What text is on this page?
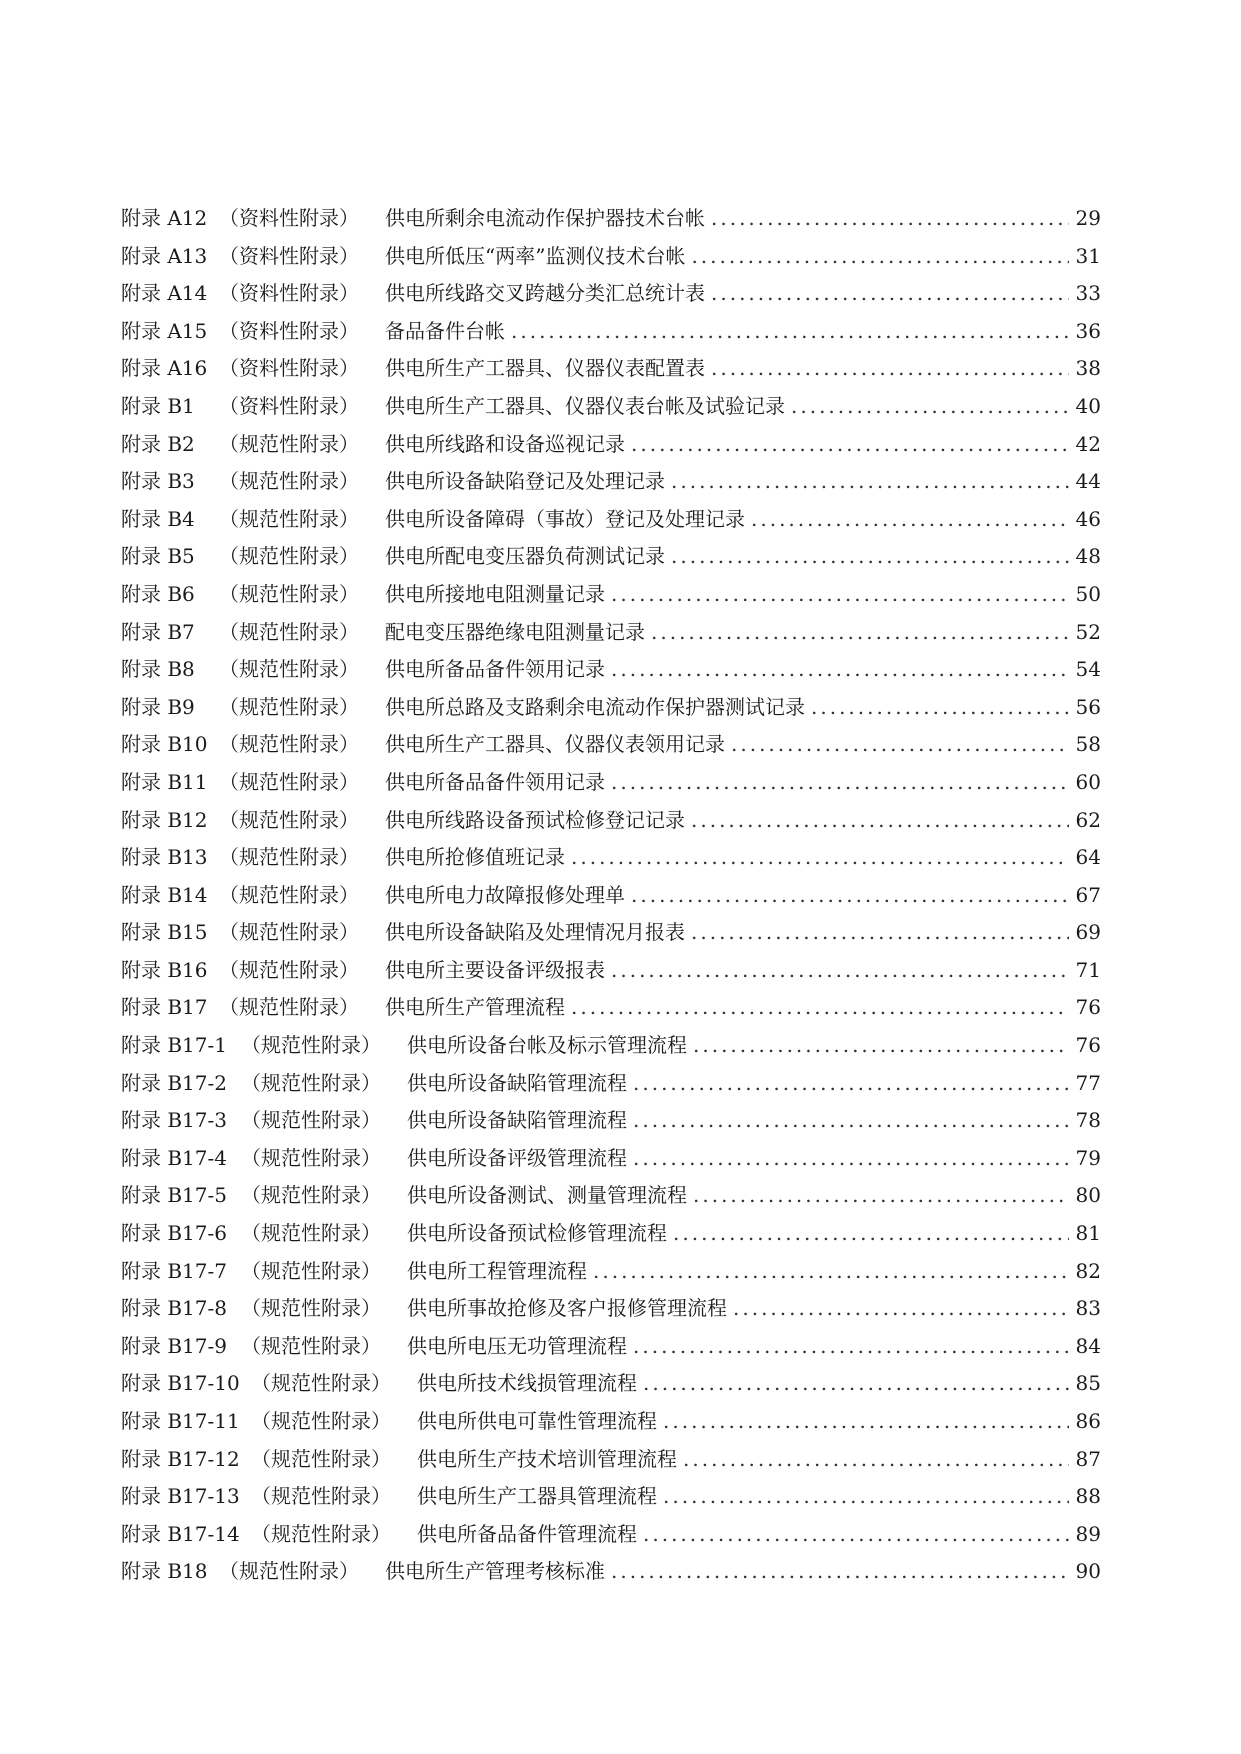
附录 A12 （资料性附录）	供电所剩余电流动作保护器技术台帐 .....	29
附录 A13 （资料性附录）	供电所低压“两率”监测仪技术台帐 .....	31
附录 A14 （资料性附录）	供电所线路交叉跨越分类汇总统计表 .....	33
附录 A15 （资料性附录）	备品备件台帐 .....	36
附录 A16 （资料性附录）	供电所生产工器具、仪器仪表配置表 .....	38
附录 B1	（资料性附录）	供电所生产工器具、仪器仪表台帐及试验记录 .....	40
附录 B2	（规范性附录）	供电所线路和设备巡视记录 .....	42
附录 B3	（规范性附录）	供电所设备缺陷登记及处理记录 .....	44
附录 B4	（规范性附录）	供电所设备障碍（事故）登记及处理记录 .....	46
附录 B5	（规范性附录）	供电所配电变压器负荷测试记录 .....	48
附录 B6	（规范性附录）	供电所接地电阻测量记录 .....	50
附录 B7	（规范性附录）	配电变压器绝缘电阻测量记录 .....	52
附录 B8	（规范性附录）	供电所备品备件领用记录 .....	54
附录 B9	（规范性附录）	供电所总路及支路剩余电流动作保护器测试记录 .....	56
附录 B10 （规范性附录）	供电所生产工器具、仪器仪表领用记录 .....	58
附录 B11 （规范性附录）	供电所备品备件领用记录 .....	60
附录 B12 （规范性附录）	供电所线路设备预试检修登记记录 .....	62
附录 B13 （规范性附录）	供电所抢修值班记录 .....	64
附录 B14 （规范性附录）	供电所电力故障报修处理单 .....	67
附录 B15 （规范性附录）	供电所设备缺陷及处理情况月报表 .....	69
附录 B16 （规范性附录）	供电所主要设备评级报表 .....	71
附录 B17 （规范性附录）	供电所生产管理流程 .....	76
附录 B17-1 （规范性附录）	供电所设备台帐及标示管理流程 .....	76
附录 B17-2 （规范性附录）	供电所设备缺陷管理流程 .....	77
附录 B17-3 （规范性附录）	供电所设备缺陷管理流程 .....	78
附录 B17-4 （规范性附录）	供电所设备评级管理流程 .....	79
附录 B17-5 （规范性附录）	供电所设备测试、测量管理流程 .....	80
附录 B17-6 （规范性附录）	供电所设备预试检修管理流程 .....	81
附录 B17-7 （规范性附录）	供电所工程管理流程 .....	82
附录 B17-8 （规范性附录）	供电所事故抢修及客户报修管理流程 .....	83
附录 B17-9 （规范性附录）	供电所电压无功管理流程 .....	84
附录 B17-10 （规范性附录）	供电所技术线损管理流程 .....	85
附录 B17-11 （规范性附录）	供电所供电可靠性管理流程 .....	86
附录 B17-12 （规范性附录）	供电所生产技术培训管理流程 .....	87
附录 B17-13 （规范性附录）	供电所生产工器具管理流程 .....	88
附录 B17-14 （规范性附录）	供电所备品备件管理流程 .....	89
附录 B18 （规范性附录）	供电所生产管理考核标准 .....	90
